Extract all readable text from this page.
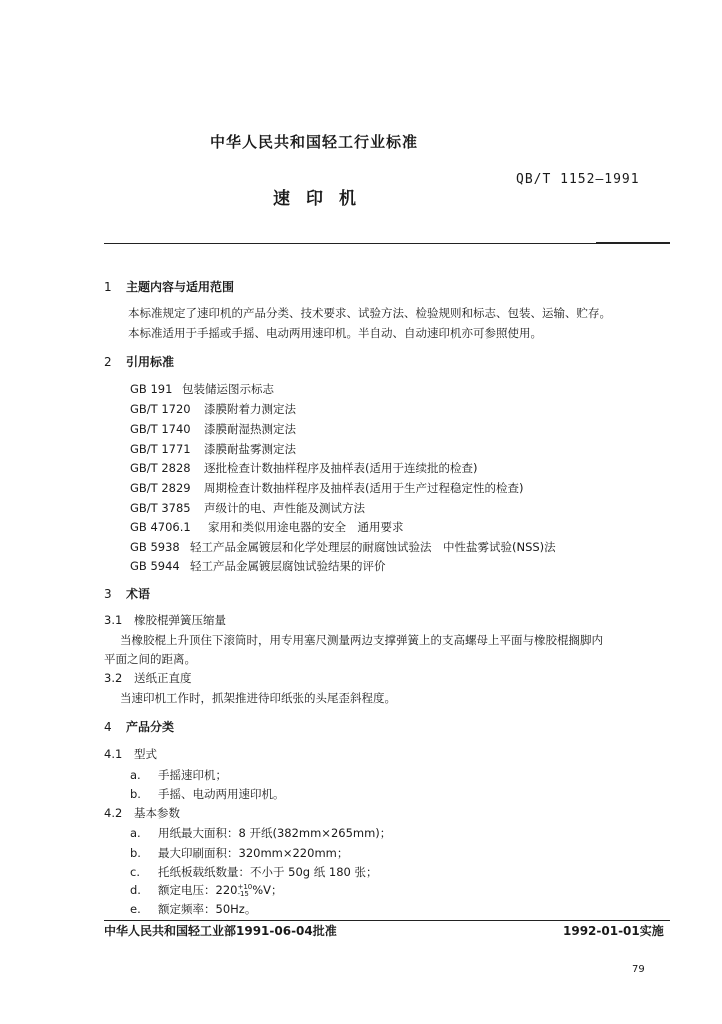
中华人民共和国轻工行业标准
QB/T 1152—1991
速印机
1 主题内容与适用范围
本标准规定了速印机的产品分类、技术要求、试验方法、检验规则和标志、包装、运输、贮存。
本标准适用于手摇或手摇、电动两用速印机。半自动、自动速印机亦可参照使用。
2 引用标准
GB 191 包装储运图示标志
GB/T 1720 漆膜附着力测定法
GB/T 1740 漆膜耐湿热测定法
GB/T 1771 漆膜耐盐雾测定法
GB/T 2828 逐批检查计数抽样程序及抽样表(适用于连续批的检查)
GB/T 2829 周期检查计数抽样程序及抽样表(适用于生产过程稳定性的检查)
GB/T 3785 声级计的电、声性能及测试方法
GB 4706.1 家用和类似用途电器的安全　通用要求
GB 5938 轻工产品金属镀层和化学处理层的耐腐蚀试验法　中性盐雾试验(NSS)法
GB 5944 轻工产品金属镀层腐蚀试验结果的评价
3 术语
3.1 橡胶棍弹簧压缩量
当橡胶棍上升顶住下滚筒时，用专用塞尺测量两边支撑弹簧上的支高螺母上平面与橡胶棍搁脚内
平面之间的距离。
3.2 送纸正直度
当速印机工作时，抓架推进待印纸张的头尾歪斜程度。
4 产品分类
4.1 型式
a. 手摇速印机；
b. 手摇、电动两用速印机。
4.2 基本参数
a. 用纸最大面积：8 开纸(382mm×265mm)；
b. 最大印刷面积：320mm×220mm；
c. 托纸板载纸数量：不小于 50g 纸 180 张；
d. 额定电压：220 +10
-15 %V；
e. 额定频率：50Hz。
中华人民共和国轻工业部1991-06-04批准	1992-01-01实施
79
